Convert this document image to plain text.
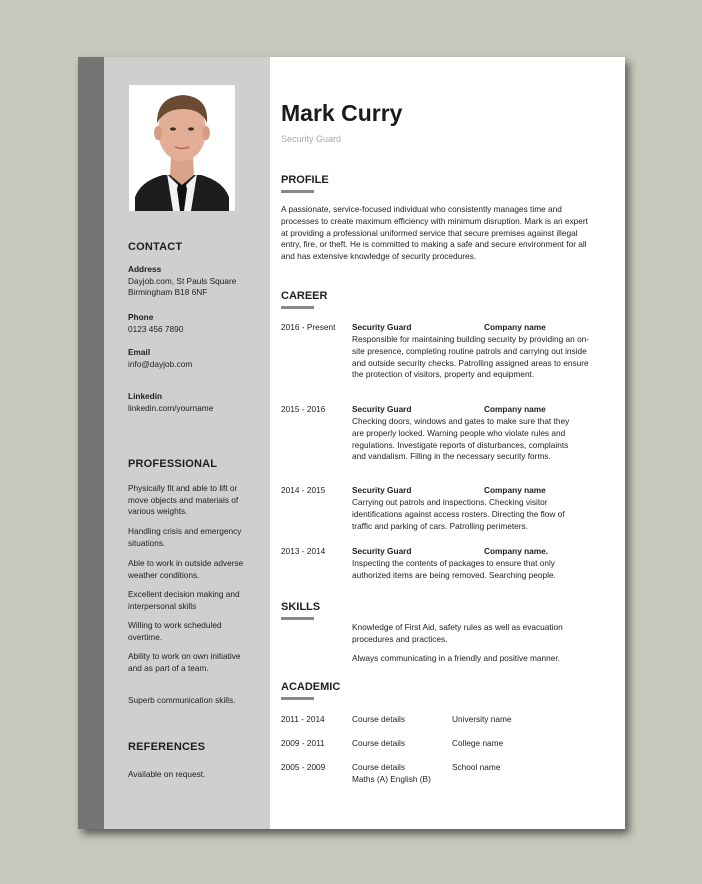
CONTACT

Address

Dayjob.com, St Pauls Square

Birmingham B18 6NF

Phone

0123 456 7890

Email

info@dayjob.com

Linkedin

linkedin.com/yourname

PROFESSIONAL
Physically fit and able to lift or move objects and materials of various weights.
Handling crisis and emergency situations.
Able to work in outside adverse weather conditions.
Excellent decision making and interpersonal skills
Willing to work scheduled overtime.
Ability to work on own initiative and as part of a team.
Superb communication skills.
REFERENCES
Available on request.
Mark Curry
Security Guard
PROFILE
A passionate, service-focused individual who consistently manages time and processes to create maximum efficiency with minimum disruption. Mark is an expert at providing a professional uniformed service that secure premises against illegal entry, fire, or theft. He is committed to making a safe and secure environment for all and has extensive knowledge of security procedures.
CAREER
2016 - Present Security Guard	Company name
Responsible for maintaining building security by providing an on-site presence, completing routine patrols and carrying out inside and outside security checks. Patrolling assigned areas to ensure the protection of visitors, property and equipment.
2015 - 2016	Security Guard	Company name
Checking doors, windows and gates to make sure that they are properly locked. Warning people who violate rules and regulations. Investigate reports of disturbances, complaints and vandalism. Filling in the necessary security forms.
2014 - 2015	Security Guard	Company name
Carrying out patrols and inspections. Checking visitor identifications against access rosters. Directing the flow of traffic and parking of cars. Patrolling perimeters.
2013 - 2014	Security Guard	Company name.
Inspecting the contents of packages to ensure that only authorized items are being removed. Searching people.
SKILLS
Knowledge of First Aid, safety rules as well as evacuation procedures and practices.
Always communicating in a friendly and positive manner.
ACADEMIC
2011 - 2014	Course details	University name
2009 - 2011	Course details	College name
2005 - 2009	Course details	School name
Maths (A) English (B)
